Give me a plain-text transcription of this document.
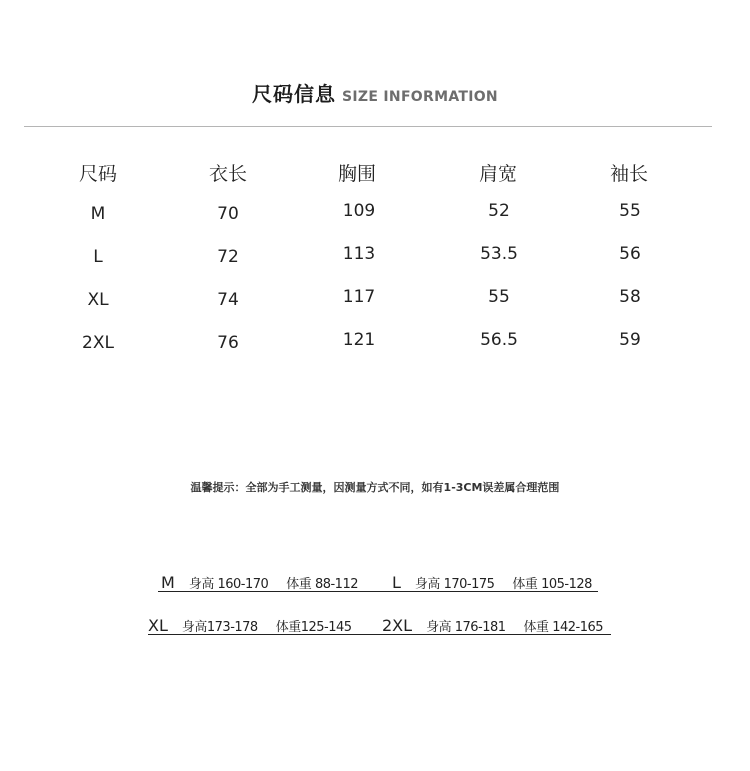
尺码信息 SIZE INFORMATION
尺码	衣长	胸围	肩宽	袖长
M	70	109	52	55
L	72	113	53.5	56
XL	74	117	55	58
2XL	76	121	56.5	59
温馨提示：全部为手工测量，因测量方式不同，如有1-3CM误差属合理范围
M 身高 160-170 体重 88-112 L 身高 170-175 体重 105-128
XL 身高173-178 体重125-145 2XL 身高 176-181 体重 142-165
